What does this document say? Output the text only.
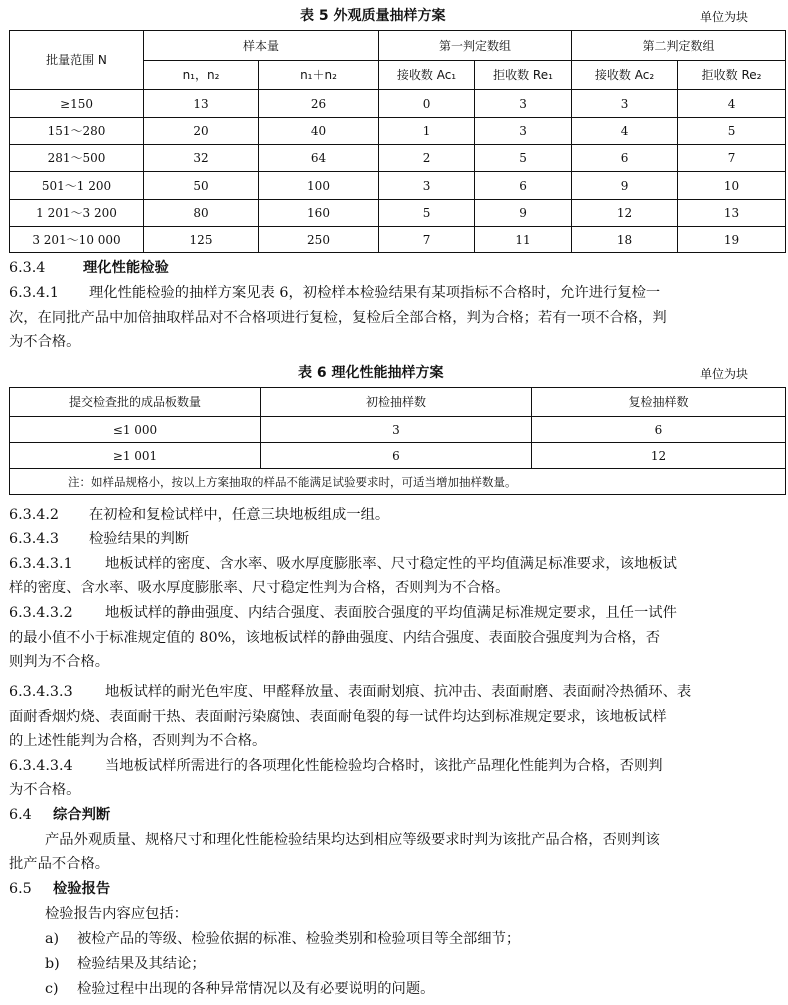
表 5 外观质量抽样方案	单位为块
批量范围 N	样本量		第一判定数组		第二判定数组	
	n₁，n₂	n₁＋n₂	接收数 Ac₁	拒收数 Re₁	接收数 Ac₂	拒收数 Re₂
≥150	13	26	0	3	3	4
151～280	20	40	1	3	4	5
281～500	32	64	2	5	6	7
501～1 200	50	100	3	6	9	10
1 201～3 200	80	160	5	9	12	13
3 201～10 000	125	250	7	11	18	19
6.3.4	理化性能检验
6.3.4.1 理化性能检验的抽样方案见表 6，初检样本检验结果有某项指标不合格时，允许进行复检一
次，在同批产品中加倍抽取样品对不合格项进行复检，复检后全部合格，判为合格；若有一项不合格，判
为不合格。
表 6 理化性能抽样方案	单位为块
提交检查批的成品板数量	初检抽样数	复检抽样数
≤1 000	3	6
≥1 001	6	12
注：如样品规格小，按以上方案抽取的样品不能满足试验要求时，可适当增加抽样数量。		
6.3.4.2 在初检和复检试样中，任意三块地板组成一组。
6.3.4.3 检验结果的判断
6.3.4.3.1 地板试样的密度、含水率、吸水厚度膨胀率、尺寸稳定性的平均值满足标准要求，该地板试
样的密度、含水率、吸水厚度膨胀率、尺寸稳定性判为合格，否则判为不合格。
6.3.4.3.2 地板试样的静曲强度、内结合强度、表面胶合强度的平均值满足标准规定要求，且任一试件
的最小值不小于标准规定值的 80%，该地板试样的静曲强度、内结合强度、表面胶合强度判为合格，否
则判为不合格。
6.3.4.3.3 地板试样的耐光色牢度、甲醛释放量、表面耐划痕、抗冲击、表面耐磨、表面耐冷热循环、表
面耐香烟灼烧、表面耐干热、表面耐污染腐蚀、表面耐龟裂的每一试件均达到标准规定要求，该地板试样
的上述性能判为合格，否则判为不合格。
6.3.4.3.4 当地板试样所需进行的各项理化性能检验均合格时，该批产品理化性能判为合格，否则判
为不合格。
6.4 综合判断
产品外观质量、规格尺寸和理化性能检验结果均达到相应等级要求时判为该批产品合格，否则判该
批产品不合格。
6.5 检验报告
检验报告内容应包括：
a) 被检产品的等级、检验依据的标准、检验类别和检验项目等全部细节；
b) 检验结果及其结论；
c) 检验过程中出现的各种异常情况以及有必要说明的问题。
